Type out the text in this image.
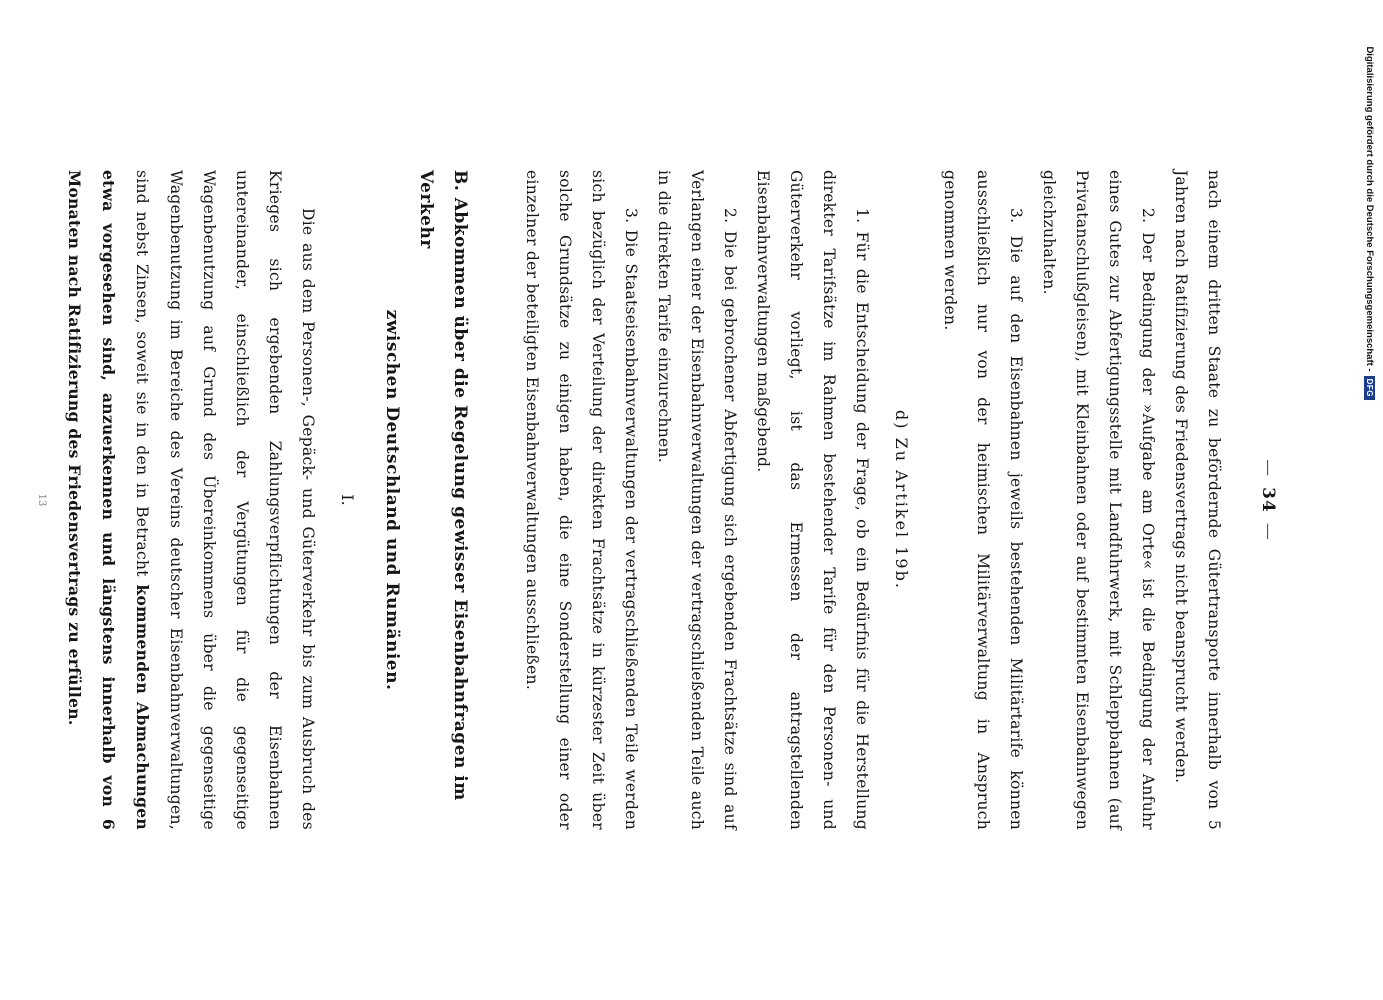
— 34 —

nach einem dritten Staate zu befördernde Gütertransporte innerhalb von 5 Jahren nach Ratifizierung des Friedensvertrags nicht beansprucht werden.

2. Der Bedingung der »Aufgabe am Orte« ist die Bedingung der Anfuhr eines Gutes zur Abfertigungsstelle mit Landfuhrwerk, mit Schleppbahnen (auf Privatanschlußgleisen), mit Kleinbahnen oder auf bestimmten Eisenbahnwegen gleichzuhalten.

3. Die auf den Eisenbahnen jeweils bestehenden Militärtarife können ausschließlich nur von der heimischen Militärverwaltung in Anspruch genommen werden.

d) Zu Artikel 19b.

1. Für die Entscheidung der Frage, ob ein Bedürfnis für die Herstellung direkter Tarifsätze im Rahmen bestehender Tarife für den Personen- und Güterverkehr vorliegt, ist das Ermessen der antragstellenden Eisenbahnverwaltungen maßgebend.

2. Die bei gebrochener Abfertigung sich ergebenden Frachtsätze sind auf Verlangen einer der Eisenbahnverwaltungen der vertragschließenden Teile auch in die direkten Tarife einzurechnen.

3. Die Staatseisenbahnverwaltungen der vertragschließenden Teile werden sich bezüglich der Verteilung der direkten Frachtsätze in kürzester Zeit über solche Grundsätze zu einigen haben, die eine Sonderstellung einer oder einzelner der beteiligten Eisenbahnverwaltungen ausschließen.

B. Abkommen über die Regelung gewisser Eisenbahnfragen im Verkehr
zwischen Deutschland und Rumänien.
I.

Die aus dem Personen-, Gepäck- und Güterverkehr bis zum Ausbruch des Krieges sich ergebenden Zahlungsverpflichtungen der Eisenbahnen untereinander, einschließlich der Vergütungen für die gegenseitige Wagenbenutzung auf Grund des Übereinkommens über die gegenseitige Wagenbenutzung im Bereiche des Vereins deutscher Eisenbahnverwaltungen, sind nebst Zinsen, soweit sie in den in Betracht kommenden Abmachungen etwa vorgesehen sind, anzuerkennen und längstens innerhalb von 6 Monaten nach Ratifizierung des Friedensvertrags zu erfüllen.

13
Digitalisierung gefördert durch die Deutsche Forschungsgemeinschaft -
DFG
